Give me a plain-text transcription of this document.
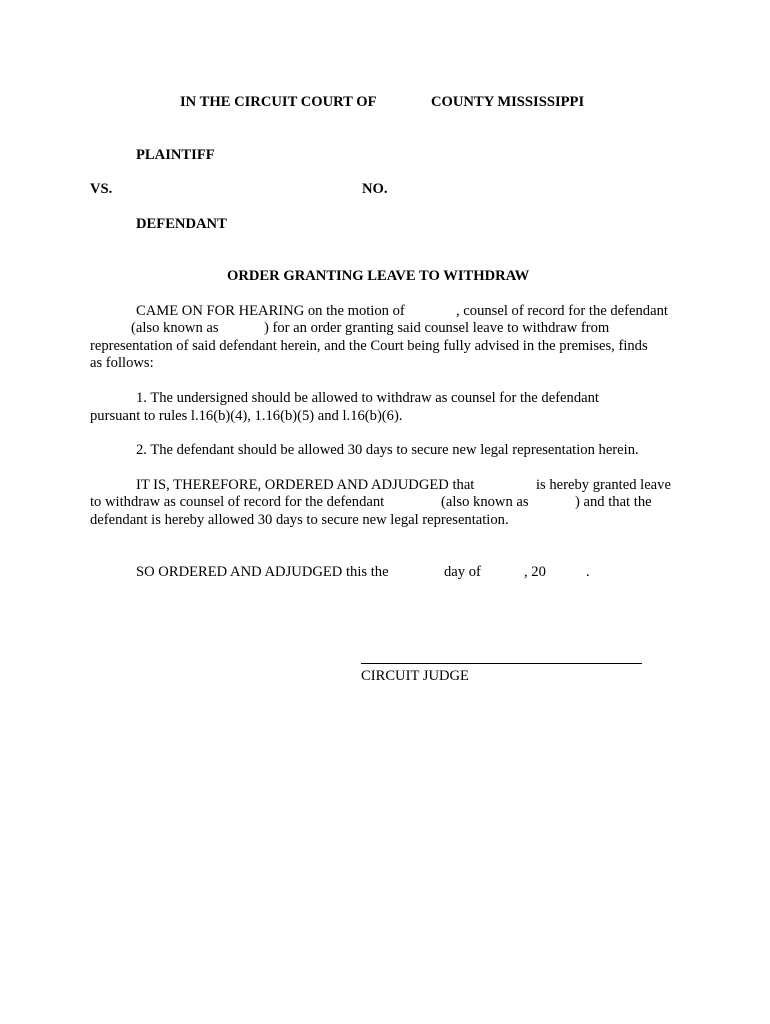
IN THE CIRCUIT COURT OF	COUNTY MISSISSIPPI
PLAINTIFF
VS.	NO.
DEFENDANT
ORDER GRANTING LEAVE TO WITHDRAW
CAME ON FOR HEARING on the motion of	, counsel of record for the defendant
(also known as	) for an order granting said counsel leave to withdraw from
representation of said defendant herein, and the Court being fully advised in the premises, finds
as follows:
1. The undersigned should be allowed to withdraw as counsel for the defendant
pursuant to rules l.16(b)(4), 1.16(b)(5) and l.16(b)(6).
2. The defendant should be allowed 30 days to secure new legal representation herein.
IT IS, THEREFORE, ORDERED AND ADJUDGED that	is hereby granted leave
to withdraw as counsel of record for the defendant	(also known as	) and that the
defendant is hereby allowed 30 days to secure new legal representation.
SO ORDERED AND ADJUDGED this the	day of	, 20	.
CIRCUIT JUDGE
